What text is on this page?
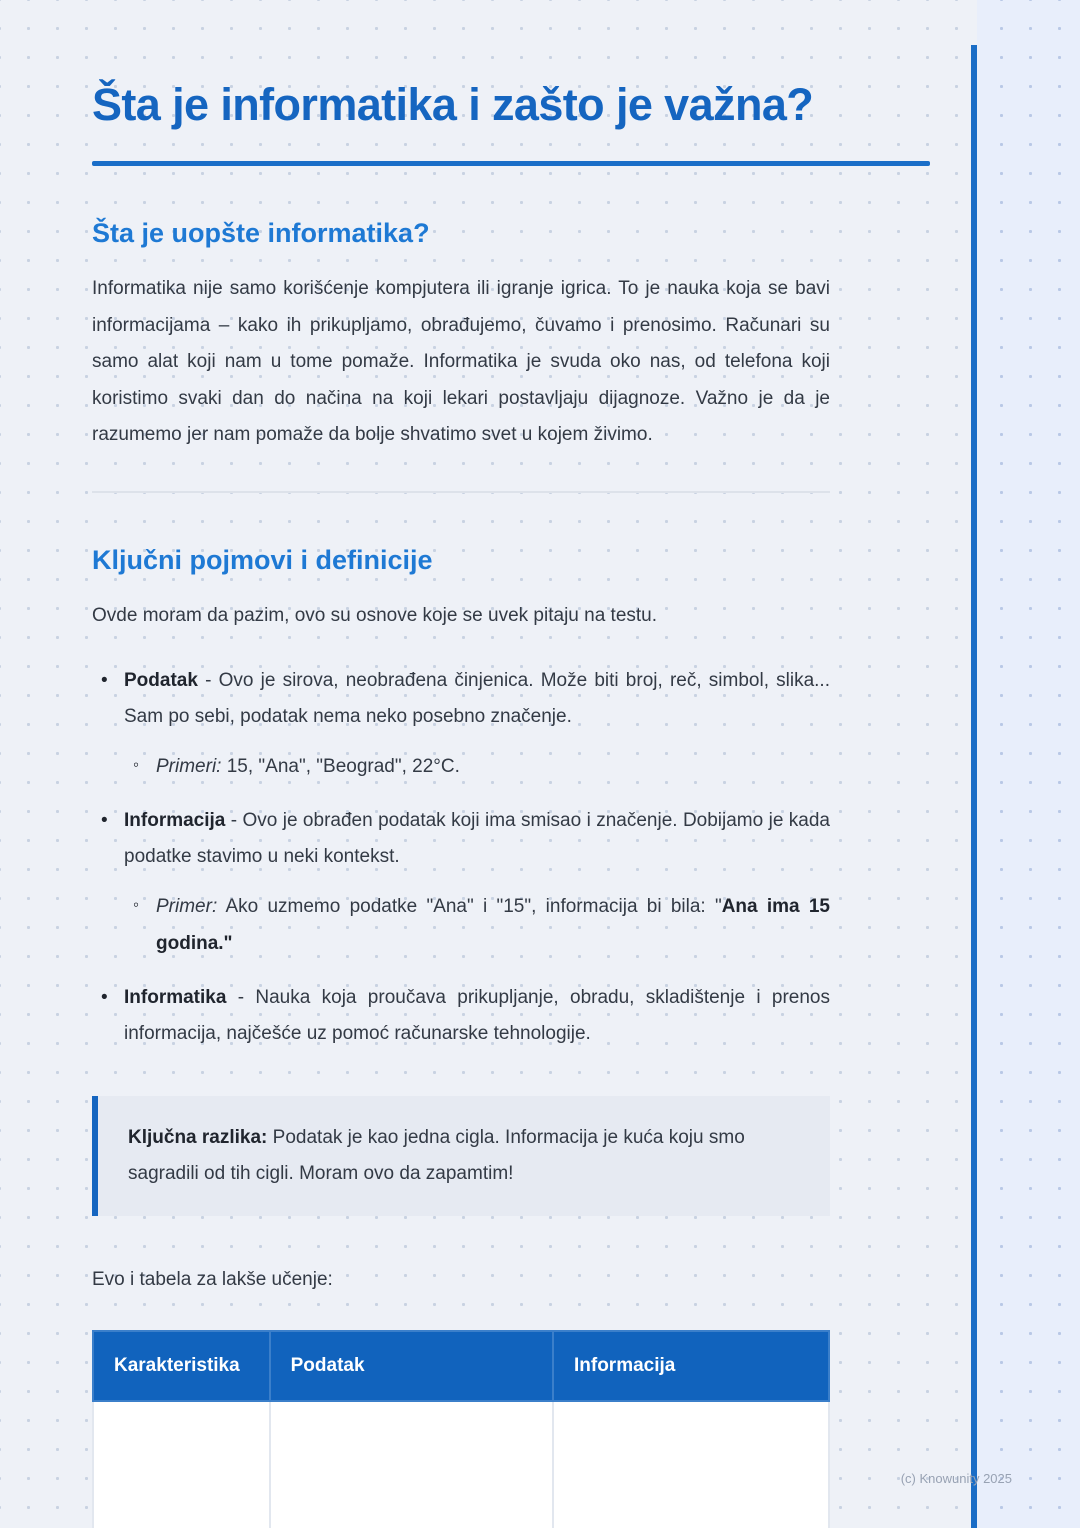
Šta je informatika i zašto je važna?
Šta je uopšte informatika?

Informatika nije samo korišćenje kompjutera ili igranje igrica. To je nauka koja se bavi informacijama – kako ih prikupljamo, obrađujemo, čuvamo i prenosimo. Računari su samo alat koji nam u tome pomaže. Informatika je svuda oko nas, od telefona koji koristimo svaki dan do načina na koji lekari postavljaju dijagnoze. Važno je da je razumemo jer nam pomaže da bolje shvatimo svet u kojem živimo.

Ključni pojmovi i definicije

Ovde moram da pazim, ovo su osnove koje se uvek pitaju na testu.

• Podatak - Ovo je sirova, neobrađena činjenica. Može biti broj, reč, simbol, slika... Sam po sebi, podatak nema neko posebno značenje.
◦ Primeri: 15, "Ana", "Beograd", 22°C.
• Informacija - Ovo je obrađen podatak koji ima smisao i značenje. Dobijamo je kada podatke stavimo u neki kontekst.
◦ Primer: Ako uzmemo podatke "Ana" i "15", informacija bi bila: "Ana ima 15 godina."
• Informatika - Nauka koja proučava prikupljanje, obradu, skladištenje i prenos informacija, najčešće uz pomoć računarske tehnologije.

Ključna razlika: Podatak je kao jedna cigla. Informacija je kuća koju smo sagradili od tih cigli. Moram ovo da zapamtim!

Evo i tabela za lakše učenje:

Karakteristika	Podatak	Informacija

(c) Knowunity 2025
